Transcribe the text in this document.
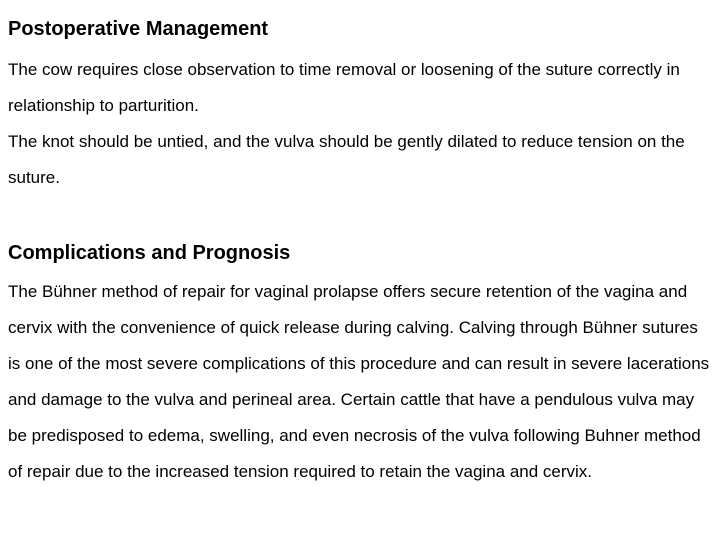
Postoperative Management

The cow requires close observation to time removal or loosening of the suture correctly in relationship to parturition.

The knot should be untied, and the vulva should be gently dilated to reduce tension on the suture.

Complications and Prognosis

The Bühner method of repair for vaginal prolapse offers secure retention of the vagina and cervix with the convenience of quick release during calving. Calving through Bühner sutures is one of the most severe complications of this procedure and can result in severe lacerations and damage to the vulva and perineal area. Certain cattle that have a pendulous vulva may be predisposed to edema, swelling, and even necrosis of the vulva following Buhner method of repair due to the increased tension required to retain the vagina and cervix.
